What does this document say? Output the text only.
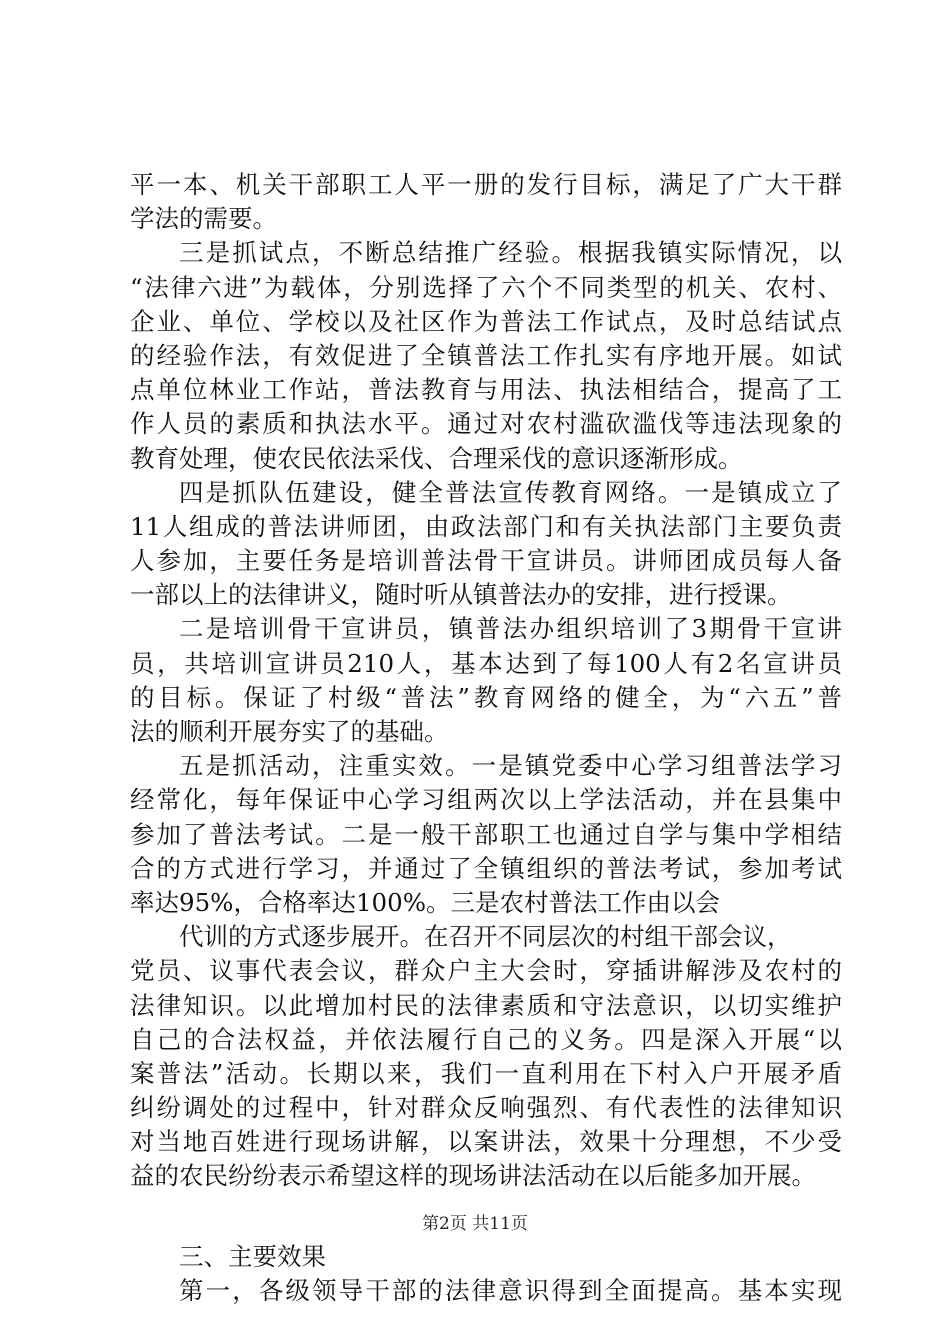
平一本、机关干部职工人平一册的发行目标，满足了广大干群
学法的需要。
三是抓试点，不断总结推广经验。根据我镇实际情况，以
“法律六进”为载体，分别选择了六个不同类型的机关、农村、
企业、单位、学校以及社区作为普法工作试点，及时总结试点
的经验作法，有效促进了全镇普法工作扎实有序地开展。如试
点单位林业工作站，普法教育与用法、执法相结合，提高了工
作人员的素质和执法水平。通过对农村滥砍滥伐等违法现象的
教育处理，使农民依法采伐、合理采伐的意识逐渐形成。
四是抓队伍建设，健全普法宣传教育网络。一是镇成立了
11人组成的普法讲师团，由政法部门和有关执法部门主要负责
人参加，主要任务是培训普法骨干宣讲员。讲师团成员每人备
一部以上的法律讲义，随时听从镇普法办的安排，进行授课。
二是培训骨干宣讲员，镇普法办组织培训了3期骨干宣讲
员，共培训宣讲员210人，基本达到了每100人有2名宣讲员
的目标。保证了村级“普法”教育网络的健全，为“六五”普
法的顺利开展夯实了的基础。
五是抓活动，注重实效。一是镇党委中心学习组普法学习
经常化，每年保证中心学习组两次以上学法活动，并在县集中
参加了普法考试。二是一般干部职工也通过自学与集中学相结
合的方式进行学习，并通过了全镇组织的普法考试，参加考试
率达95%，合格率达100%。三是农村普法工作由以会
代训的方式逐步展开。在召开不同层次的村组干部会议，
党员、议事代表会议，群众户主大会时，穿插讲解涉及农村的
法律知识。以此增加村民的法律素质和守法意识，以切实维护
自己的合法权益，并依法履行自己的义务。四是深入开展“以
案普法”活动。长期以来，我们一直利用在下村入户开展矛盾
纠纷调处的过程中，针对群众反响强烈、有代表性的法律知识
对当地百姓进行现场讲解，以案讲法，效果十分理想，不少受
益的农民纷纷表示希望这样的现场讲法活动在以后能多加开展。
三、主要效果
第一，各级领导干部的法律意识得到全面提高。基本实现
第2页 共11页
